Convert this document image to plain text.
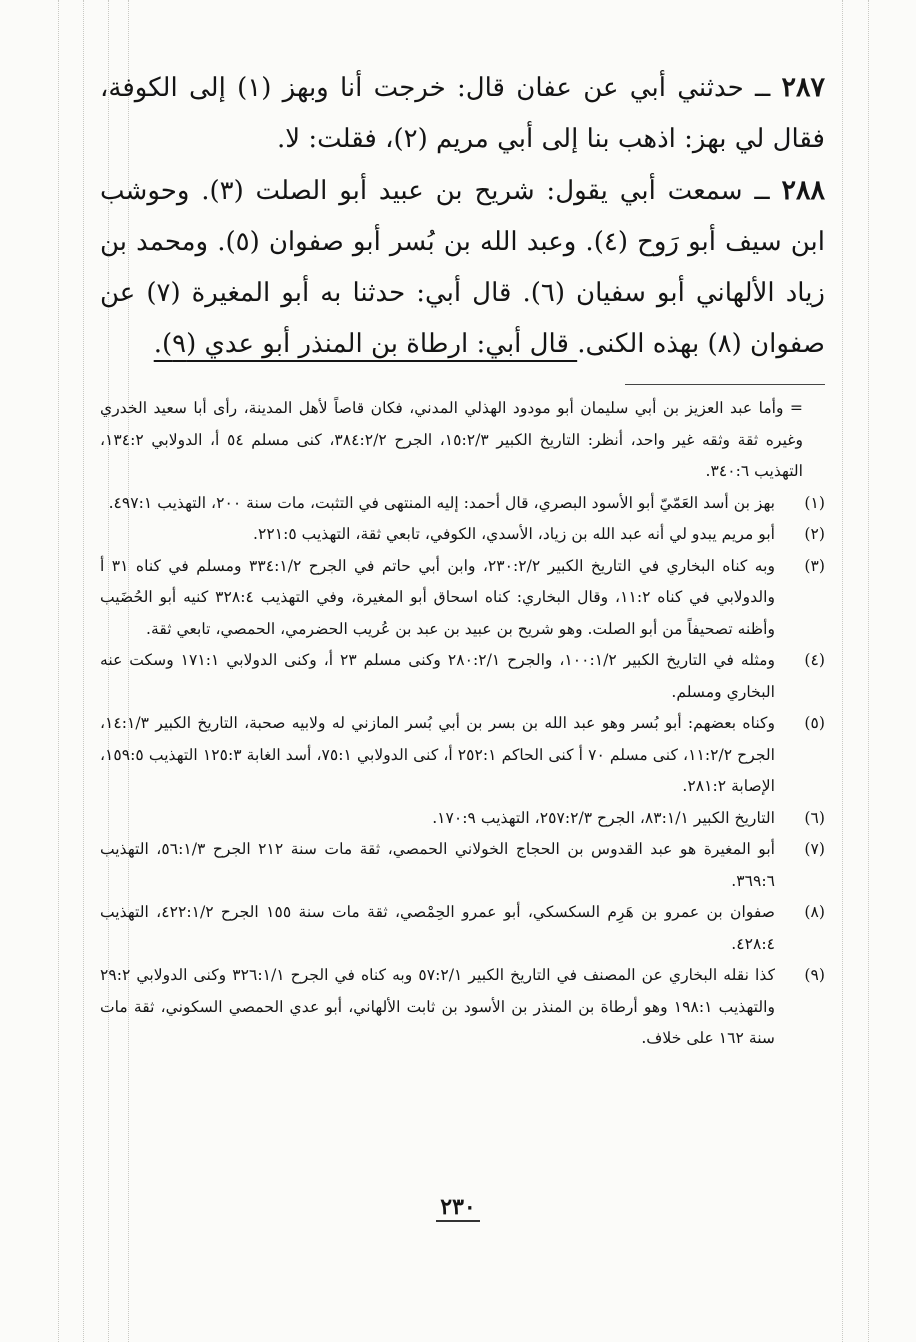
٢٨٧ ــ حدثني أبي عن عفان قال: خرجت أنا وبهز (١) إلى الكوفة، فقال لي بهز: اذهب بنا إلى أبي مريم (٢)، فقلت: لا.

٢٨٨ ــ سمعت أبي يقول: شريح بن عبيد أبو الصلت (٣). وحوشب ابن سيف أبو رَوح (٤). وعبد الله بن بُسر أبو صفوان (٥). ومحمد بن زياد الألهاني أبو سفيان (٦). قال أبي: حدثنا به أبو المغيرة (٧) عن صفوان (٨) بهذه الكنى. قال أبي: ارطاة بن المنذر أبو عدي (٩).

= وأما عبد العزيز بن أبي سليمان أبو مودود الهذلي المدني، فكان قاصاً لأهل المدينة، رأى أبا سعيد الخدري وغيره ثقة وثقه غير واحد، أنظر: التاريخ الكبير ١٥:٢/٣، الجرح ٣٨٤:٢/٢، كنى مسلم ٥٤ أ، الدولابي ١٣٤:٢، التهذيب ٣٤٠:٦.

(١)
بهز بن أسد العَمّيّ أبو الأسود البصري، قال أحمد: إليه المنتهى في التثبت، مات سنة ٢٠٠، التهذيب ٤٩٧:١.
(٢)
أبو مريم يبدو لي أنه عبد الله بن زياد، الأسدي، الكوفي، تابعي ثقة، التهذيب ٢٢١:٥.
(٣)
وبه كناه البخاري في التاريخ الكبير ٢٣٠:٢/٢، وابن أبي حاتم في الجرح ٣٣٤:١/٢ ومسلم في كناه ٣١ أ والدولابي في كناه ١١:٢، وقال البخاري: كناه اسحاق أبو المغيرة، وفي التهذيب ٣٢٨:٤ كنيه أبو الحُضَيب وأظنه تصحيفاً من أبو الصلت. وهو شريح بن عبيد بن عبد بن عُريب الحضرمي، الحمصي، تابعي ثقة.
(٤)
ومثله في التاريخ الكبير ١٠٠:١/٢، والجرح ٢٨٠:٢/١ وكنى مسلم ٢٣ أ، وكنى الدولابي ١٧١:١ وسكت عنه البخاري ومسلم.
(٥)
وكناه بعضهم: أبو بُسر وهو عبد الله بن بسر بن أبي بُسر المازني له ولابيه صحبة، التاريخ الكبير ١٤:١/٣، الجرح ١١:٢/٢، كنى مسلم ٧٠ أ كنى الحاكم ٢٥٢:١ أ، كنى الدولابي ٧٥:١، أسد الغابة ١٢٥:٣ التهذيب ١٥٩:٥، الإصابة ٢٨١:٢.
(٦)
التاريخ الكبير ٨٣:١/١، الجرح ٢٥٧:٢/٣، التهذيب ١٧٠:٩.
(٧)
أبو المغيرة هو عبد القدوس بن الحجاج الخولاني الحمصي، ثقة مات سنة ٢١٢ الجرح ٥٦:١/٣، التهذيب ٣٦٩:٦.
(٨)
صفوان بن عمرو بن هَرِم السكسكي، أبو عمرو الحِمْصي، ثقة مات سنة ١٥٥ الجرح ٤٢٢:١/٢، التهذيب ٤٢٨:٤.
(٩)
كذا نقله البخاري عن المصنف في التاريخ الكبير ٥٧:٢/١ وبه كناه في الجرح ٣٢٦:١/١ وكنى الدولابي ٢٩:٢ والتهذيب ١٩٨:١ وهو أرطاة بن المنذر بن الأسود بن ثابت الألهاني، أبو عدي الحمصي السكوني، ثقة مات سنة ١٦٢ على خلاف.
٢٣٠
